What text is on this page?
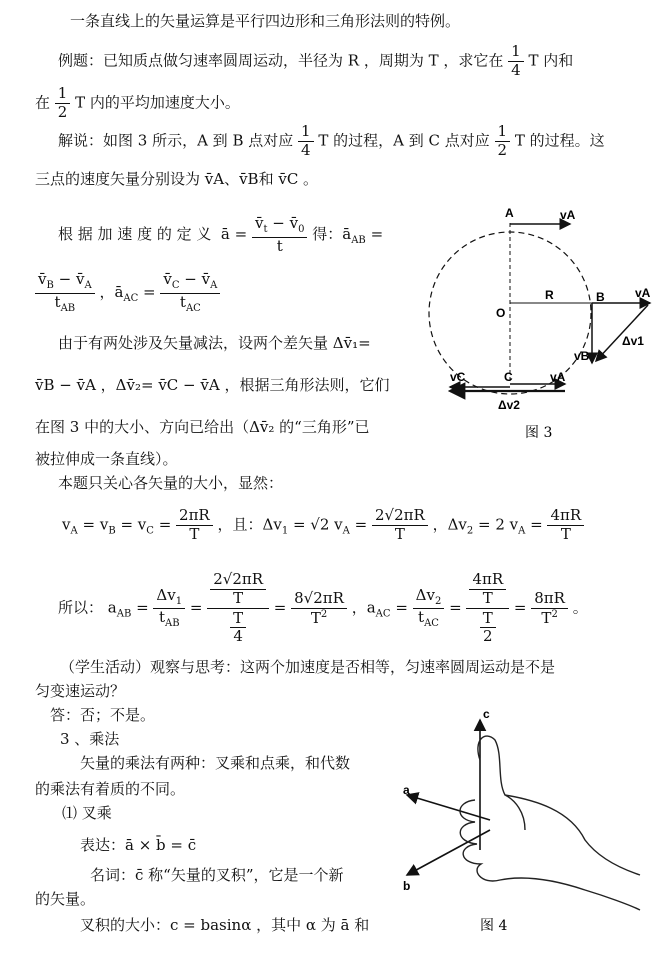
一条直线上的矢量运算是平行四边形和三角形法则的特例。
例题：已知质点做匀速率圆周运动，半径为 R ，周期为 T ，求它在 $\frac{1}{4}$ T 内和
在 $\frac{1}{2}$ T 内的平均加速度大小。
解说：如图 3 所示，A 到 B 点对应 $\frac{1}{4}$ T 的过程，A 到 C 点对应 $\frac{1}{2}$ T 的过程。这
三点的速度矢量分别设为 v̄A、v̄B和 v̄C 。
根 据 加 速 度 的 定 义  ā = $\frac{v̄_t - v̄_0}{t}$ 得：$ā_{AB}$ =
$\frac{v̄_B - v̄_A}{t_{AB}}$ ，$ā_{AC} = \frac{v̄_C - v̄_A}{t_{AC}}$
由于有两处涉及矢量减法，设两个差矢量 Δv̄₁=
v̄B − v̄A ，Δv̄₂= v̄C − v̄A ，根据三角形法则，它们
在图 3 中的大小、方向已给出（Δv̄₂ 的“三角形”已
被拉伸成一条直线）。
本题只关心各矢量的大小，显然：
$v_A = v_B = v_C = \frac{2\pi R}{T}$ ，且：$\Delta v_1 = √2$ $v_A = \frac{2√2\pi R}{T}$ ，$\Delta v_2 = 2$ $v_A = \frac{4\pi R}{T}$
所以： $a_{AB} = \frac{\Delta v_1}{t_{AB}} = \frac{\frac{2√2\pi R}{T}}{\frac{T}{4}} = \frac{8√2\pi R}{T^2}$ ，$a_{AC} = \frac{\Delta v_2}{t_{AC}} = \frac{\frac{4\pi R}{T}}{\frac{T}{2}} = \frac{8\pi R}{T^2}$ 。
（学生活动）观察与思考：这两个加速度是否相等，匀速率圆周运动是不是
匀变速运动？
答：否；不是。
3 、乘法
矢量的乘法有两种：叉乘和点乘，和代数
的乘法有着质的不同。
⑴ 叉乘
表达：ā × b̄ = c̄
名词：c̄ 称“矢量的叉积”，它是一个新
的矢量。
叉积的大小：c = basinα ，其中 α 为 ā 和
A	vA
O
R	B	vA
Δv1
vB
C
vC	vA
Δv2
图 3
a
b
c
图 4
